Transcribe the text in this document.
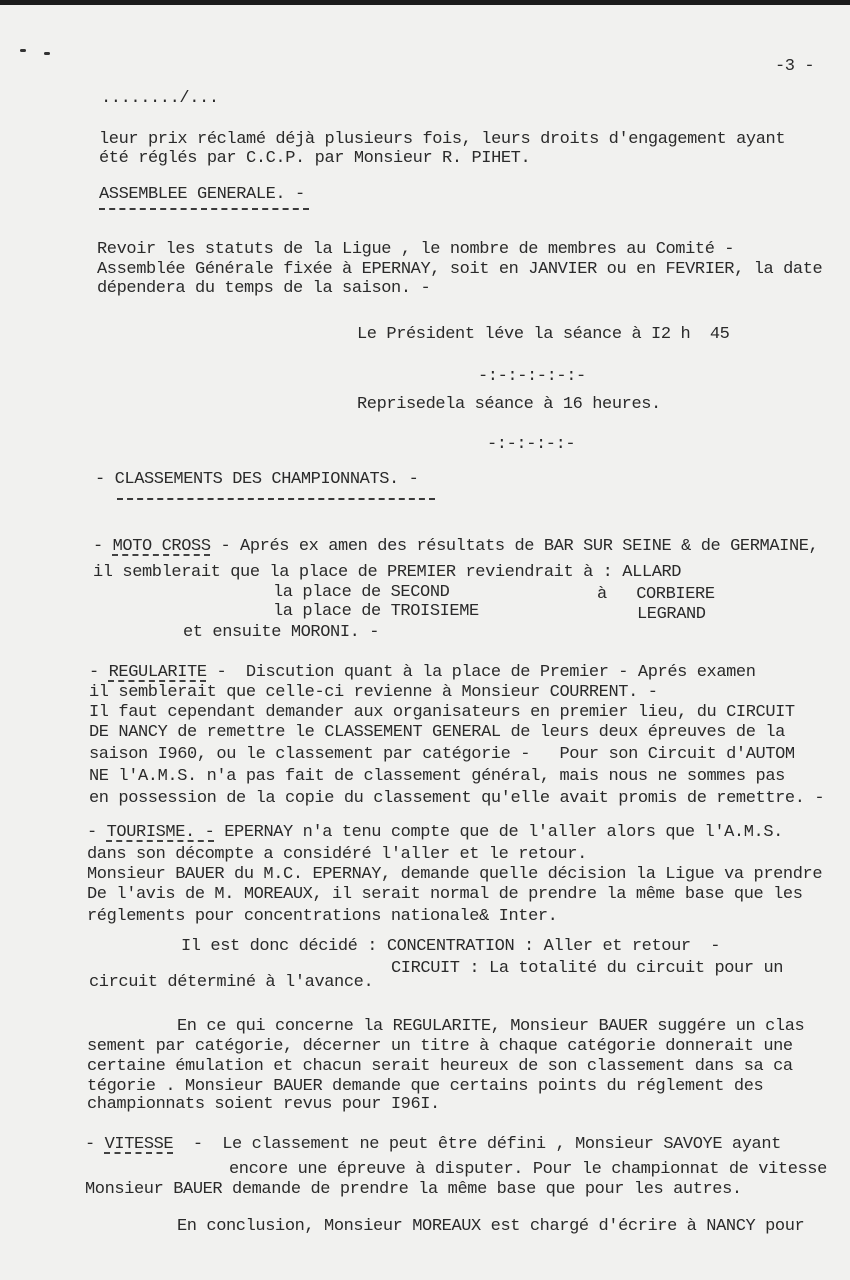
-3 -
......../...
leur prix réclamé déjà plusieurs fois, leurs droits d'engagement ayant
été réglés par C.C.P. par Monsieur R. PIHET.
ASSEMBLEE GENERALE. -
Revoir les statuts de la Ligue , le nombre de membres au Comité -
Assemblée Générale fixée à EPERNAY, soit en JANVIER ou en FEVRIER, la date
dépendera du temps de la saison. -
Le Président léve la séance à I2 h  45
-:-:-:-:-:-
Reprisedela séance à 16 heures.
-:-:-:-:-
- CLASSEMENTS DES CHAMPIONNATS. -
- MOTO CROSS - Aprés ex amen des résultats de BAR SUR SEINE & de GERMAINE,
il semblerait que la place de PREMIER reviendrait à : ALLARD
la place de SECOND	à   CORBIERE
la place de TROISIEME	LEGRAND
et ensuite MORONI. -
- REGULARITE -  Discution quant à la place de Premier - Aprés examen
il semblerait que celle-ci revienne à Monsieur COURRENT. -
Il faut cependant demander aux organisateurs en premier lieu, du CIRCUIT
DE NANCY de remettre le CLASSEMENT GENERAL de leurs deux épreuves de la
saison I960, ou le classement par catégorie -   Pour son Circuit d'AUTOM
NE l'A.M.S. n'a pas fait de classement général, mais nous ne sommes pas
en possession de la copie du classement qu'elle avait promis de remettre. -
- TOURISME. - EPERNAY n'a tenu compte que de l'aller alors que l'A.M.S.
dans son décompte a considéré l'aller et le retour.
Monsieur BAUER du M.C. EPERNAY, demande quelle décision la Ligue va prendre
De l'avis de M. MOREAUX, il serait normal de prendre la même base que les
réglements pour concentrations nationale& Inter.
Il est donc décidé : CONCENTRATION : Aller et retour  -
CIRCUIT : La totalité du circuit pour un
circuit déterminé à l'avance.
En ce qui concerne la REGULARITE, Monsieur BAUER suggére un clas
sement par catégorie, décerner un titre à chaque catégorie donnerait une
certaine émulation et chacun serait heureux de son classement dans sa ca
tégorie . Monsieur BAUER demande que certains points du réglement des
championnats soient revus pour I96I.
- VITESSE  -  Le classement ne peut être défini , Monsieur SAVOYE ayant
encore une épreuve à disputer. Pour le championnat de vitesse
Monsieur BAUER demande de prendre la même base que pour les autres.
En conclusion, Monsieur MOREAUX est chargé d'écrire à NANCY pour
